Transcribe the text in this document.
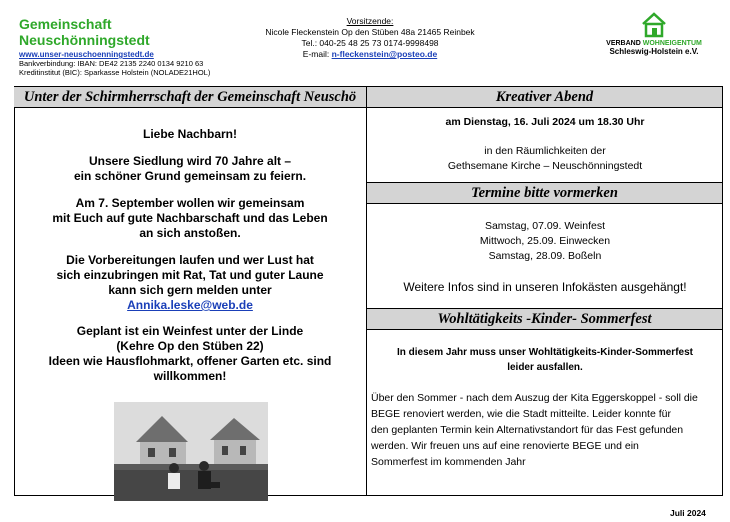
Gemeinschaft
Neuschönningstedt
www.unser-neuschoenningstedt.de
Bankverbindung: IBAN: DE42 2135 2240 0134 9210 63
Kreditinstitut (BIC): Sparkasse Holstein (NOLADE21HOL)
Vorsitzende:
Nicole Fleckenstein Op den Stüben 48a 21465 Reinbek
Tel.: 040-25 48 25 73 0174-9998498
E-mail: n-fleckenstein@posteo.de
VERBAND WOHNEIGENTUM
Schleswig-Holstein e.V.
Unter der Schirmherrschaft der Gemeinschaft Neuschö

Liebe Nachbarn!

Unsere Siedlung wird 70 Jahre alt –

ein schöner Grund gemeinsam zu feiern.

Am 7. September wollen wir gemeinsam

mit Euch auf gute Nachbarschaft und das Leben

an sich anstoßen.

Die Vorbereitungen laufen und wer Lust hat

sich einzubringen mit Rat, Tat und guter Laune

kann sich gern melden unter

Annika.leske@web.de

Geplant ist ein Weinfest unter der Linde

(Kehre Op den Stüben 22)

Ideen wie Hausflohmarkt, offener Garten etc. sind

willkommen!

Kreativer Abend

am Dienstag, 16. Juli 2024 um 18.30 Uhr

in den Räumlichkeiten der

Gethsemane Kirche – Neuschönningstedt

Termine bitte vormerken

Samstag, 07.09. Weinfest

Mittwoch, 25.09. Einwecken

Samstag, 28.09. Boßeln

Weitere Infos sind in unseren Infokästen ausgehängt!

Wohltätigkeits -Kinder- Sommerfest

In diesem Jahr muss unser Wohltätigkeits-Kinder-Sommerfest

leider ausfallen.

Über den Sommer - nach dem Auszug der Kita Eggerskoppel - soll die

BEGE renoviert werden, wie die Stadt mitteilte. Leider konnte für

den geplanten Termin kein Alternativstandort für das Fest gefunden

werden. Wir freuen uns auf eine renovierte BEGE und ein

Sommerfest im kommenden Jahr

Juli 2024
